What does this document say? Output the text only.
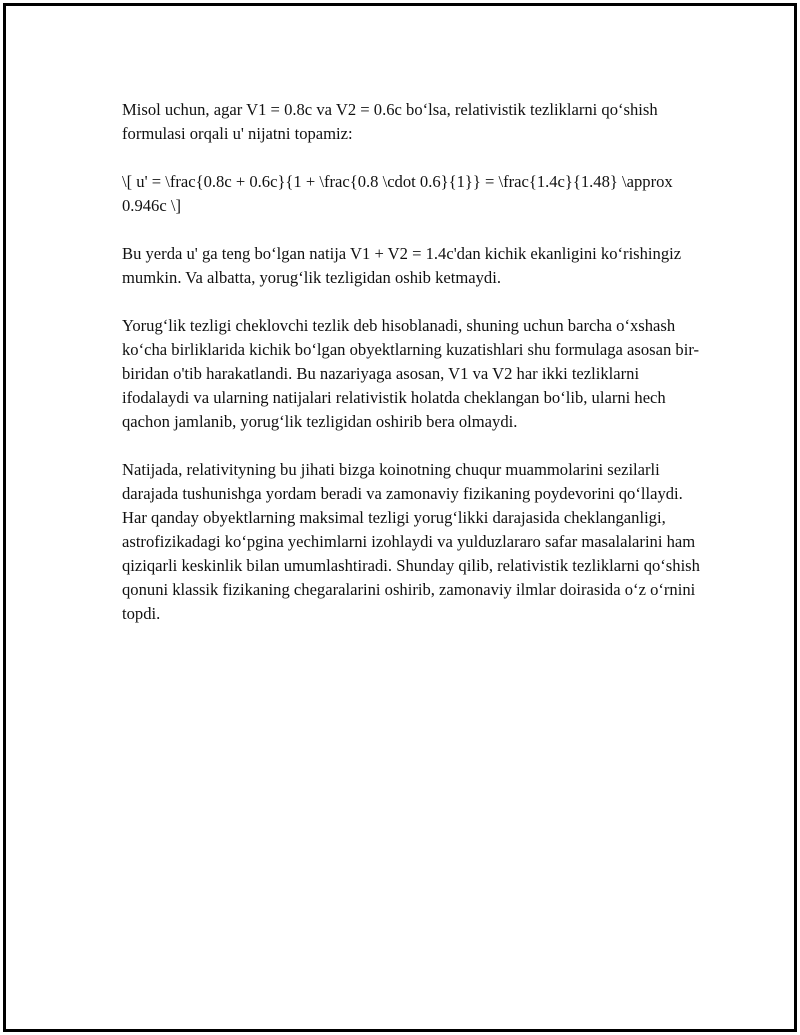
Misol uchun, agar V1 = 0.8c va V2 = 0.6c bo‘lsa, relativistik tezliklarni qo‘shish formulasi orqali u' nijatni topamiz:

\[ u' = \frac{0.8c + 0.6c}{1 + \frac{0.8 \cdot 0.6}{1}} = \frac{1.4c}{1.48} \approx 0.946c \]

Bu yerda u' ga teng bo‘lgan natija V1 + V2 = 1.4c'dan kichik ekanligini ko‘rishingiz mumkin. Va albatta, yorug‘lik tezligidan oshib ketmaydi.

Yorug‘lik tezligi cheklovchi tezlik deb hisoblanadi, shuning uchun barcha o‘xshash ko‘cha birliklarida kichik bo‘lgan obyektlarning kuzatishlari shu formulaga asosan bir-biridan o'tib harakatlandi. Bu nazariyaga asosan, V1 va V2 har ikki tezliklarni ifodalaydi va ularning natijalari relativistik holatda cheklangan bo‘lib, ularni hech qachon jamlanib, yorug‘lik tezligidan oshirib bera olmaydi.

Natijada, relativityning bu jihati bizga koinotning chuqur muammolarini sezilarli darajada tushunishga yordam beradi va zamonaviy fizikaning poydevorini qo‘llaydi. Har qanday obyektlarning maksimal tezligi yorug‘likki darajasida cheklanganligi, astrofizikadagi ko‘pgina yechimlarni izohlaydi va yulduzlararo safar masalalarini ham qiziqarli keskinlik bilan umumlashtiradi. Shunday qilib, relativistik tezliklarni qo‘shish qonuni klassik fizikaning chegaralarini oshirib, zamonaviy ilmlar doirasida o‘z o‘rnini topdi.
